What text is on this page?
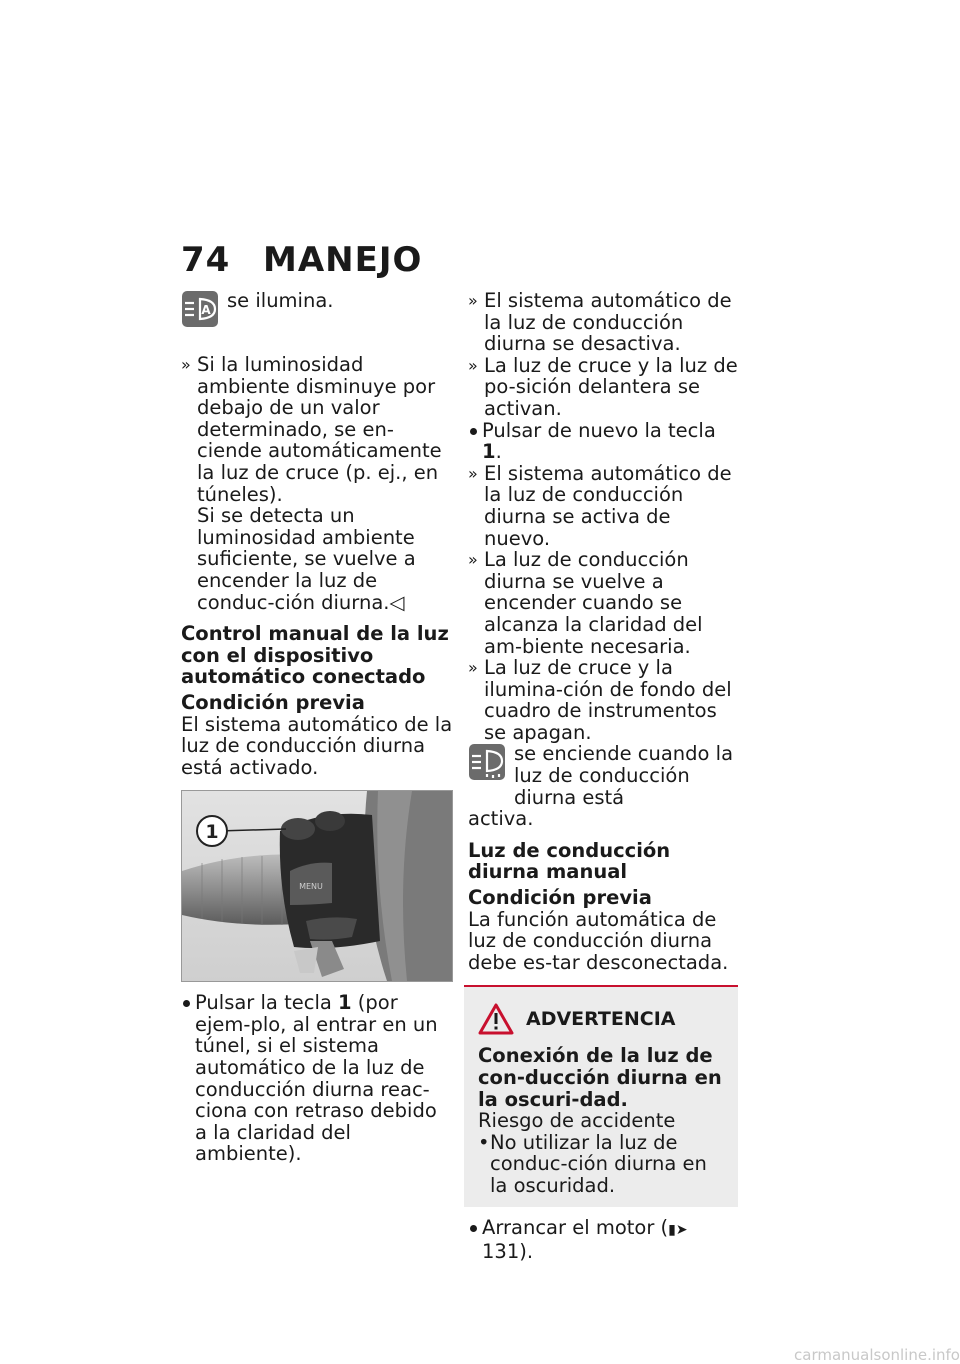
74 MANEJO
A se ilumina.

» Si la luminosidad ambiente disminuye por debajo de un valor determinado, se en-ciende automáticamente la luz de cruce (p. ej., en túneles).

Si se detecta un luminosidad ambiente suficiente, se vuelve a encender la luz de conduc-ción diurna.◁

Control manual de la luz con el dispositivo automático conectado

Condición previa

El sistema automático de la luz de conducción diurna está activado.

MENU
1

Pulsar la tecla 1 (por ejem-plo, al entrar en un túnel, si el sistema automático de la luz de conducción diurna reac-ciona con retraso debido a la claridad del ambiente).

» El sistema automático de la luz de conducción diurna se desactiva.

» La luz de cruce y la luz de po-sición delantera se activan.

Pulsar de nuevo la tecla 1.

» El sistema automático de la luz de conducción diurna se activa de nuevo.

» La luz de conducción diurna se vuelve a encender cuando se alcanza la claridad del am-biente necesaria.

» La luz de cruce y la ilumina-ción de fondo del cuadro de instrumentos se apagan.

se enciende cuando la luz de conducción diurna está

activa.

Luz de conducción diurna manual

Condición previa

La función automática de luz de conducción diurna debe es-tar desconectada.

ADVERTENCIA

Conexión de la luz de con-ducción diurna en la oscuri-dad.

Riesgo de accidente

• No utilizar la luz de conduc-ción diurna en la oscuridad.

Arrancar el motor (▮➤ 131).

carmanualsonline.info
